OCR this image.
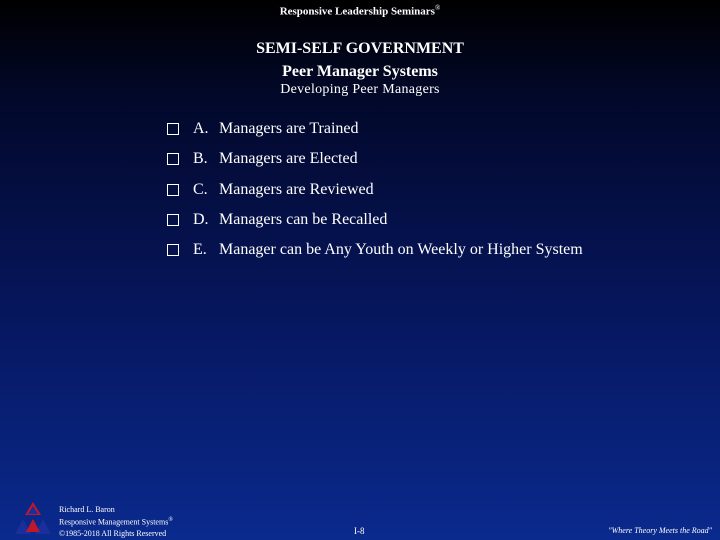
Responsive Leadership Seminars®
SEMI-SELF GOVERNMENT
Peer Manager Systems
Developing Peer Managers
A. Managers are Trained
B. Managers are Elected
C. Managers are Reviewed
D. Managers can be Recalled
E. Manager can be Any Youth on Weekly or Higher System
Richard L. Baron
Responsive Management Systems®
©1985-2018 All Rights Reserved	I-8	"Where Theory Meets the Road"
